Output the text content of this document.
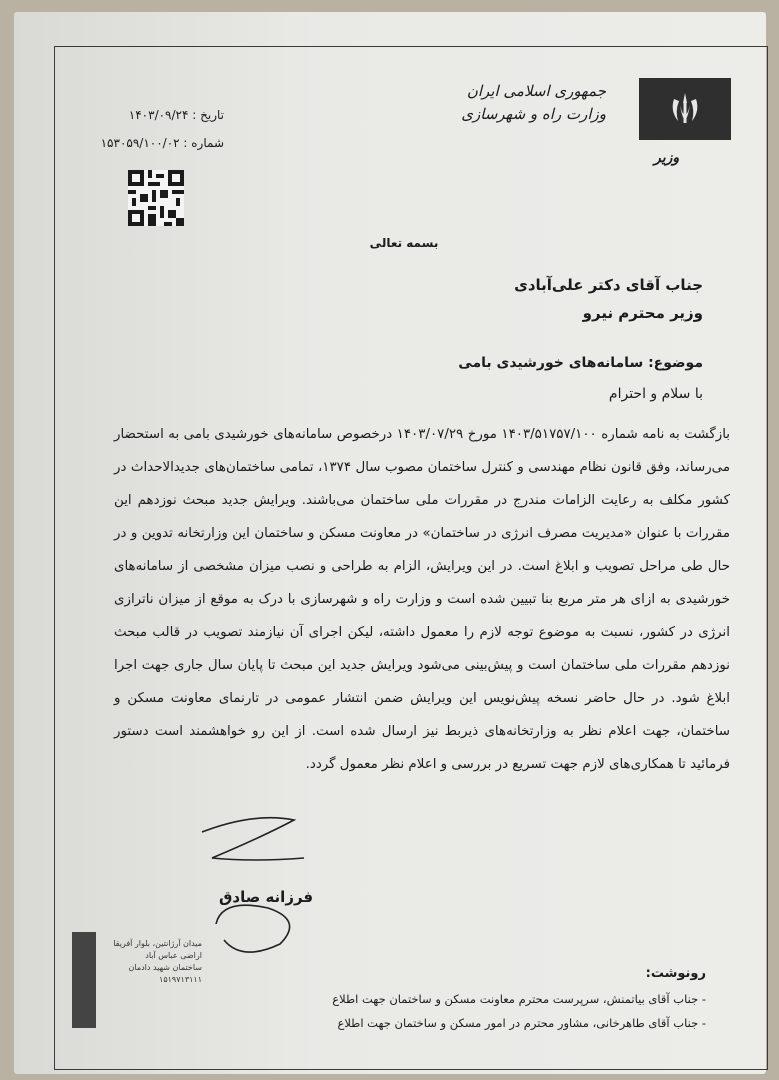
جمهوری اسلامی ایران
وزارت راه و شهرسازی
وزیر
تاریخ : ۱۴۰۳/۰۹/۲۴
شماره : ۱۵۳۰۵۹/۱۰۰/۰۲
بسمه تعالی
جناب آقای دکتر علی‌آبادی
وزیر محترم نیرو
موضوع: سامانه‌های خورشیدی بامی
با سلام و احترام
بازگشت به نامه شماره ۱۴۰۳/۵۱۷۵۷/۱۰۰ مورخ ۱۴۰۳/۰۷/۲۹ درخصوص سامانه‌های خورشیدی بامی به استحضار می‌رساند، وفق قانون نظام مهندسی و کنترل ساختمان مصوب سال ۱۳۷۴، تمامی ساختمان‌های جدیدالاحداث در کشور مکلف به رعایت الزامات مندرج در مقررات ملی ساختمان می‌باشند. ویرایش جدید مبحث نوزدهم این مقررات با عنوان «مدیریت مصرف انرژی در ساختمان» در معاونت مسکن و ساختمان این وزارتخانه تدوین و در حال طی مراحل تصویب و ابلاغ است. در این ویرایش، الزام به طراحی و نصب میزان مشخصی از سامانه‌های خورشیدی به ازای هر متر مربع بنا تبیین شده است و وزارت راه و شهرسازی با درک به موقع از میزان ناترازی انرژی در کشور، نسبت به موضوع توجه لازم را معمول داشته، لیکن اجرای آن نیازمند تصویب در قالب مبحث نوزدهم مقررات ملی ساختمان است و پیش‌بینی می‌شود ویرایش جدید این مبحث تا پایان سال جاری جهت اجرا ابلاغ شود. در حال حاضر نسخه پیش‌نویس این ویرایش ضمن انتشار عمومی در تارنمای معاونت مسکن و ساختمان، جهت اعلام نظر به وزارتخانه‌های ذیربط نیز ارسال شده است. از این رو خواهشمند است دستور فرمائید تا همکاری‌های لازم جهت تسریع در بررسی و اعلام نظر معمول گردد.
فرزانه صادق
میدان آرژانتین، بلوار آفریقا
اراضی عباس آباد
ساختمان شهید دادمان
۱۵۱۹۷۱۳۱۱۱	رونوشت:
- جناب آقای بیاتمنش، سرپرست محترم معاونت مسکن و ساختمان جهت اطلاع
- جناب آقای طاهرخانی، مشاور محترم در امور مسکن و ساختمان جهت اطلاع
